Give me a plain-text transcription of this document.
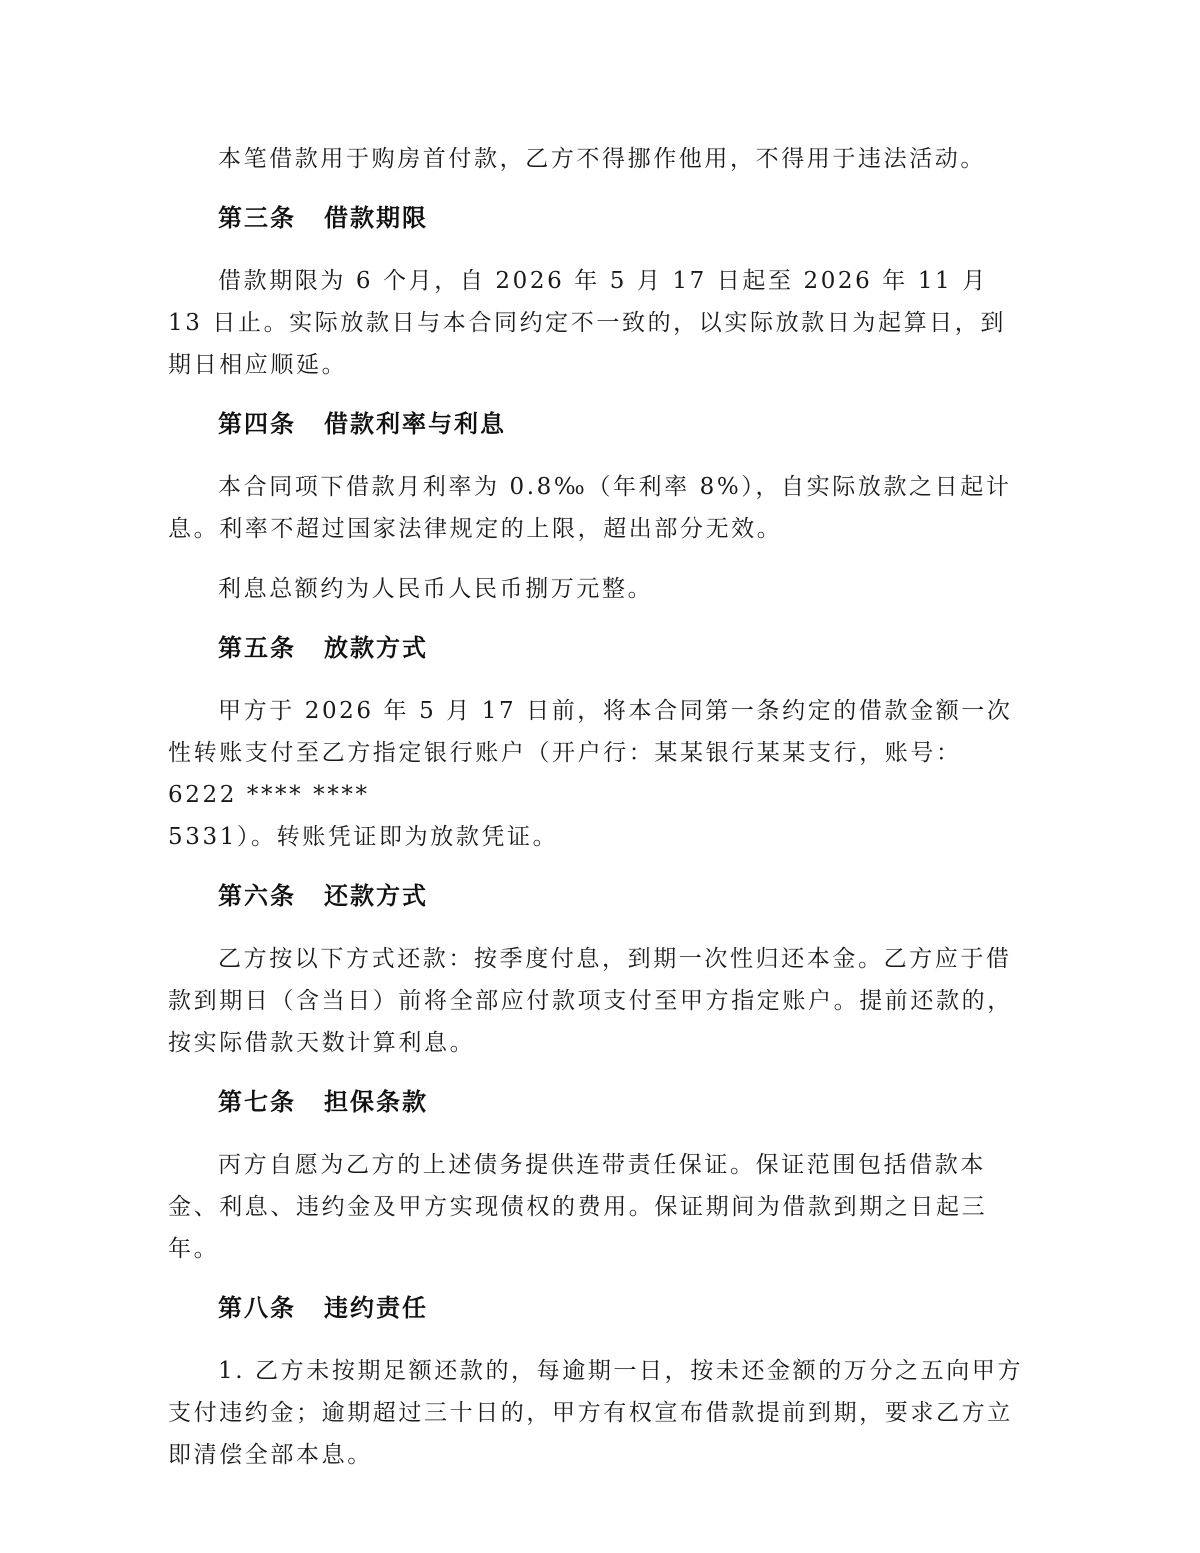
本笔借款用于购房首付款，乙方不得挪作他用，不得用于违法活动。

第三条 借款期限

借款期限为 6 个月，自 2026 年 5 月 17 日起至 2026 年 11 月 13 日止。实际放款日与本合同约定不一致的，以实际放款日为起算日，到期日相应顺延。

第四条 借款利率与利息

本合同项下借款月利率为 0.8‰（年利率 8%），自实际放款之日起计息。利率不超过国家法律规定的上限，超出部分无效。

利息总额约为人民币人民币捌万元整。

第五条 放款方式

甲方于 2026 年 5 月 17 日前，将本合同第一条约定的借款金额一次性转账支付至乙方指定银行账户（开户行：某某银行某某支行，账号：6222 **** ****
5331）。转账凭证即为放款凭证。

第六条 还款方式

乙方按以下方式还款：按季度付息，到期一次性归还本金。乙方应于借款到期日（含当日）前将全部应付款项支付至甲方指定账户。提前还款的，按实际借款天数计算利息。

第七条 担保条款

丙方自愿为乙方的上述债务提供连带责任保证。保证范围包括借款本金、利息、违约金及甲方实现债权的费用。保证期间为借款到期之日起三年。

第八条 违约责任

1. 乙方未按期足额还款的，每逾期一日，按未还金额的万分之五向甲方支付违约金；逾期超过三十日的，甲方有权宣布借款提前到期，要求乙方立即清偿全部本息。
